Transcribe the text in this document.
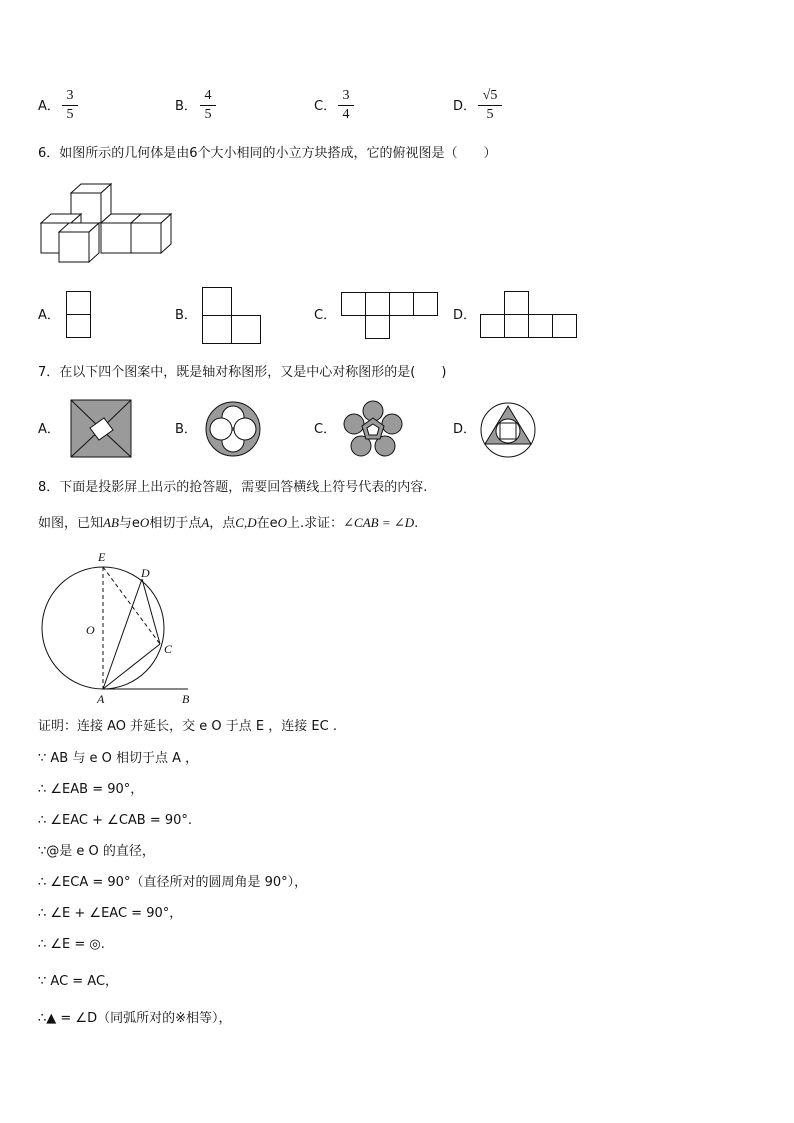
A．
3
5
B．
4
5
C．
3
4
D．
√5
5
6．如图所示的几何体是由6个大小相同的小立方块搭成，它的俯视图是（　　）
A．	B．	C．	D．
7．在以下四个图案中，既是轴对称图形，又是中心对称图形的是(　　)
A．	B．	C．	D．
8．下面是投影屏上出示的抢答题，需要回答横线上符号代表的内容.
如图，已知AB与eO相切于点A，点C,D在eO上.求证：∠CAB = ∠D.
E
D
O
C
A	B
证明：连接 AO 并延长，交 e O 于点 E ，连接 EC .
∵ AB 与 e O 相切于点 A ，
∴ ∠EAB = 90°，
∴ ∠EAC + ∠CAB = 90°.
∵@是 e O 的直径，
∴ ∠ECA = 90°（直径所对的圆周角是 90°），
∴ ∠E + ∠EAC = 90°，
∴ ∠E = ◎.
∵ AC = AC，
∴▲ = ∠D（同弧所对的※相等），
